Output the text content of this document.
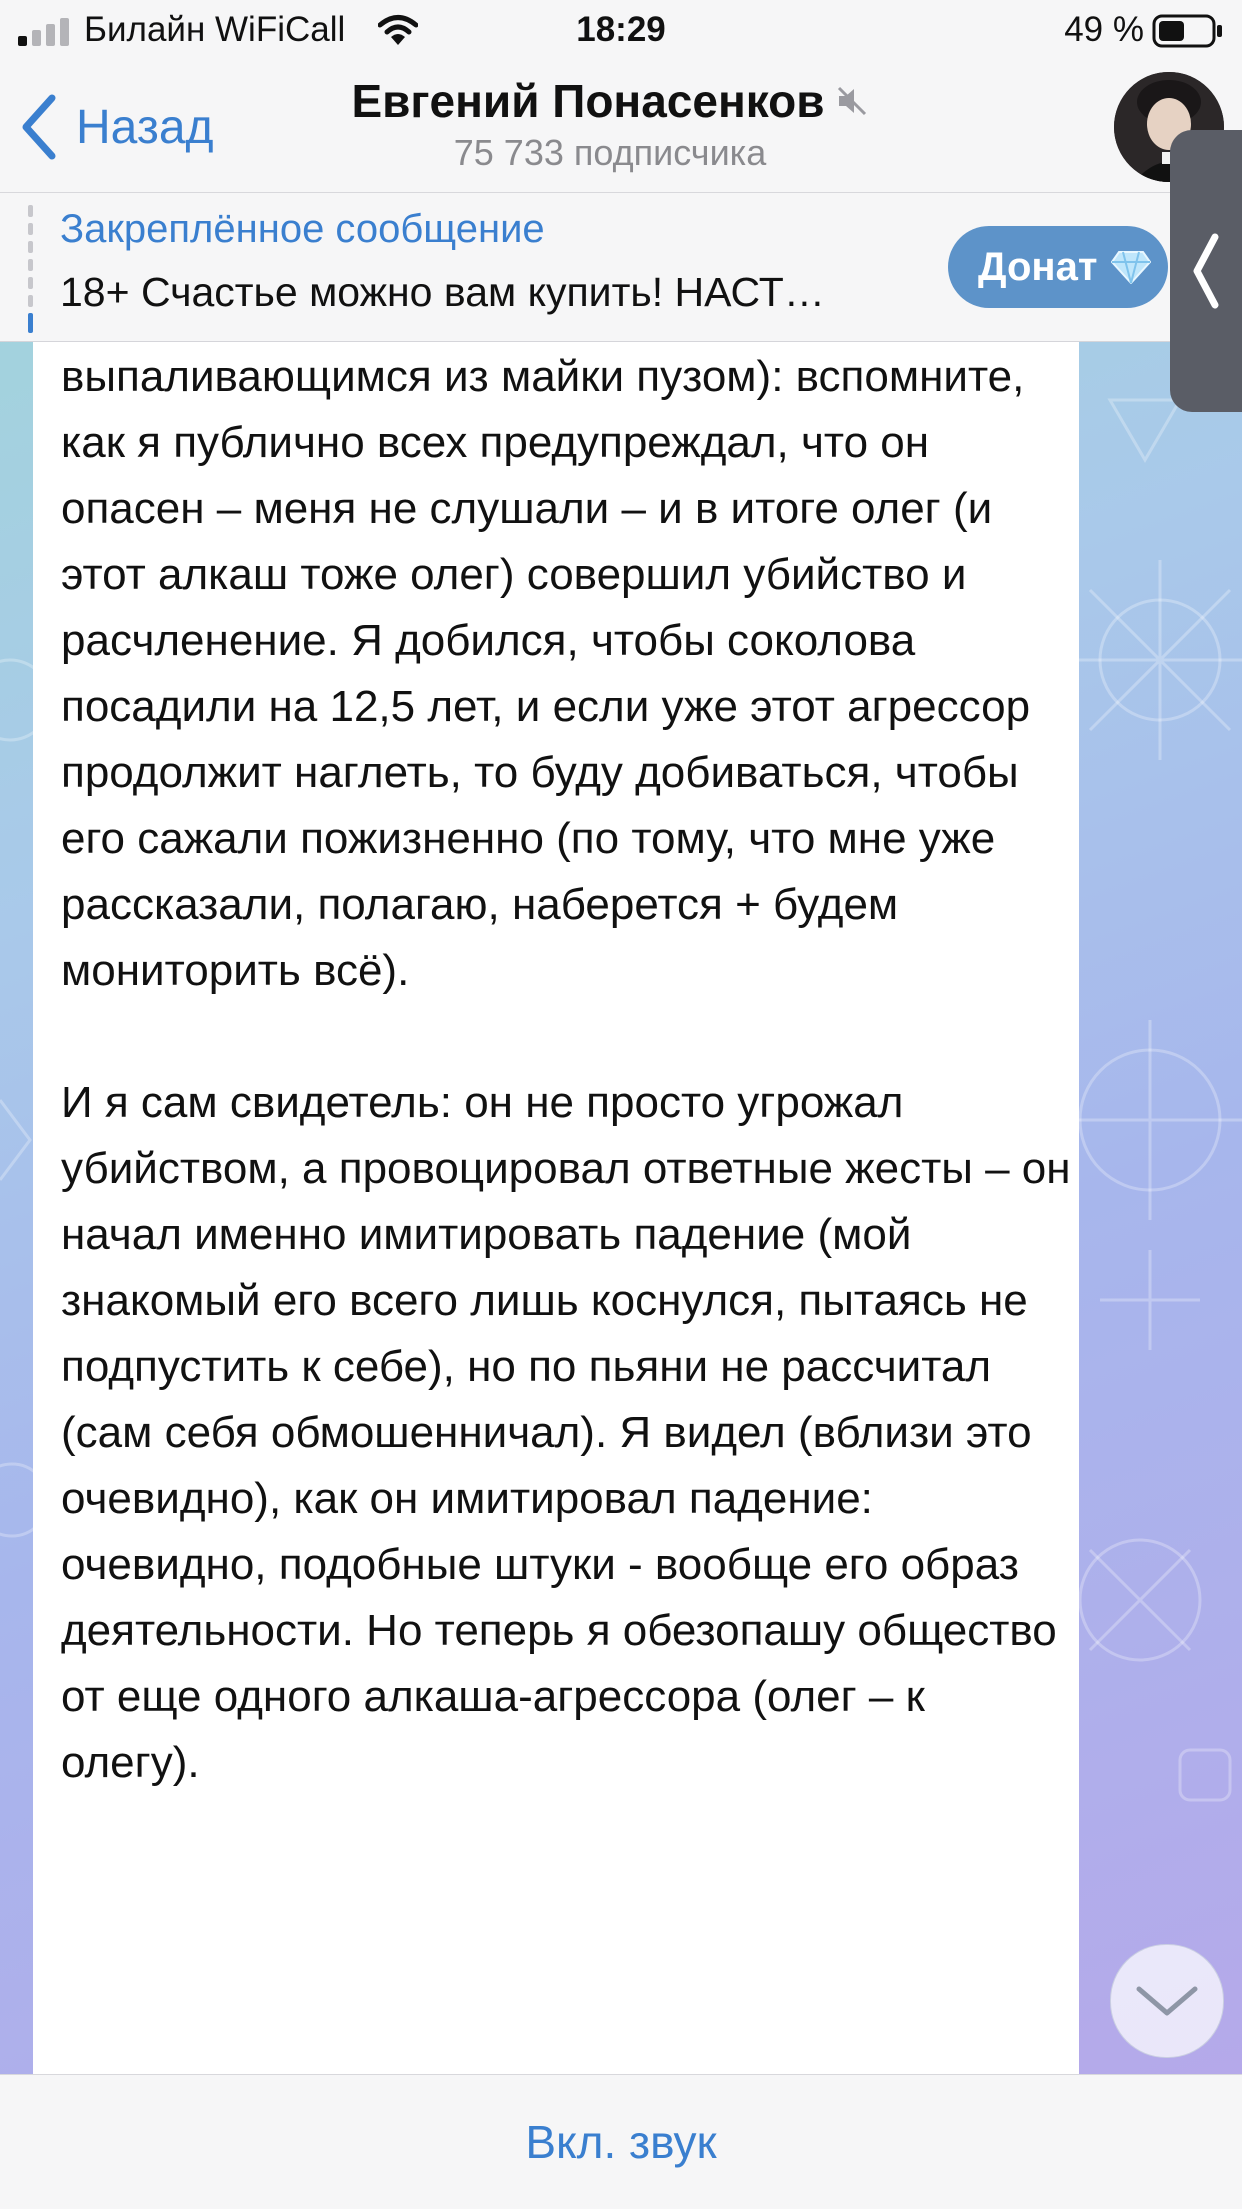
выпаливающимся из майки пузом): вспомните, как я публично всех предупреждал, что он опасен – меня не слушали – и в итоге олег (и этот алкаш тоже олег) совершил убийство и расчленение. Я добился, чтобы соколова посадили на 12,5 лет, и если уже этот агрессор продолжит наглеть, то буду добиваться, чтобы его сажали пожизненно (по тому, что мне уже рассказали, полагаю, наберется + будем мониторить всё).

И я сам свидетель: он не просто угрожал убийством, а провоцировал ответные жесты – он начал именно имитировать падение (мой знакомый его всего лишь коснулся, пытаясь не подпустить к себе), но по пьяни не рассчитал (сам себя обмошенничал). Я видел (вблизи это очевидно), как он имитировал падение: очевидно, подобные штуки - вообще его образ деятельности. Но теперь я обезопашу общество от еще одного алкаша-агрессора (олег – к олегу).

Билайн WiFiCall	18:29	49 %
Назад	Евгений Понасенков
75 733 подписчика
Закреплённое сообщение
18+ Счастье можно вам купить! НАСТ…
Донат
Вкл. звук
